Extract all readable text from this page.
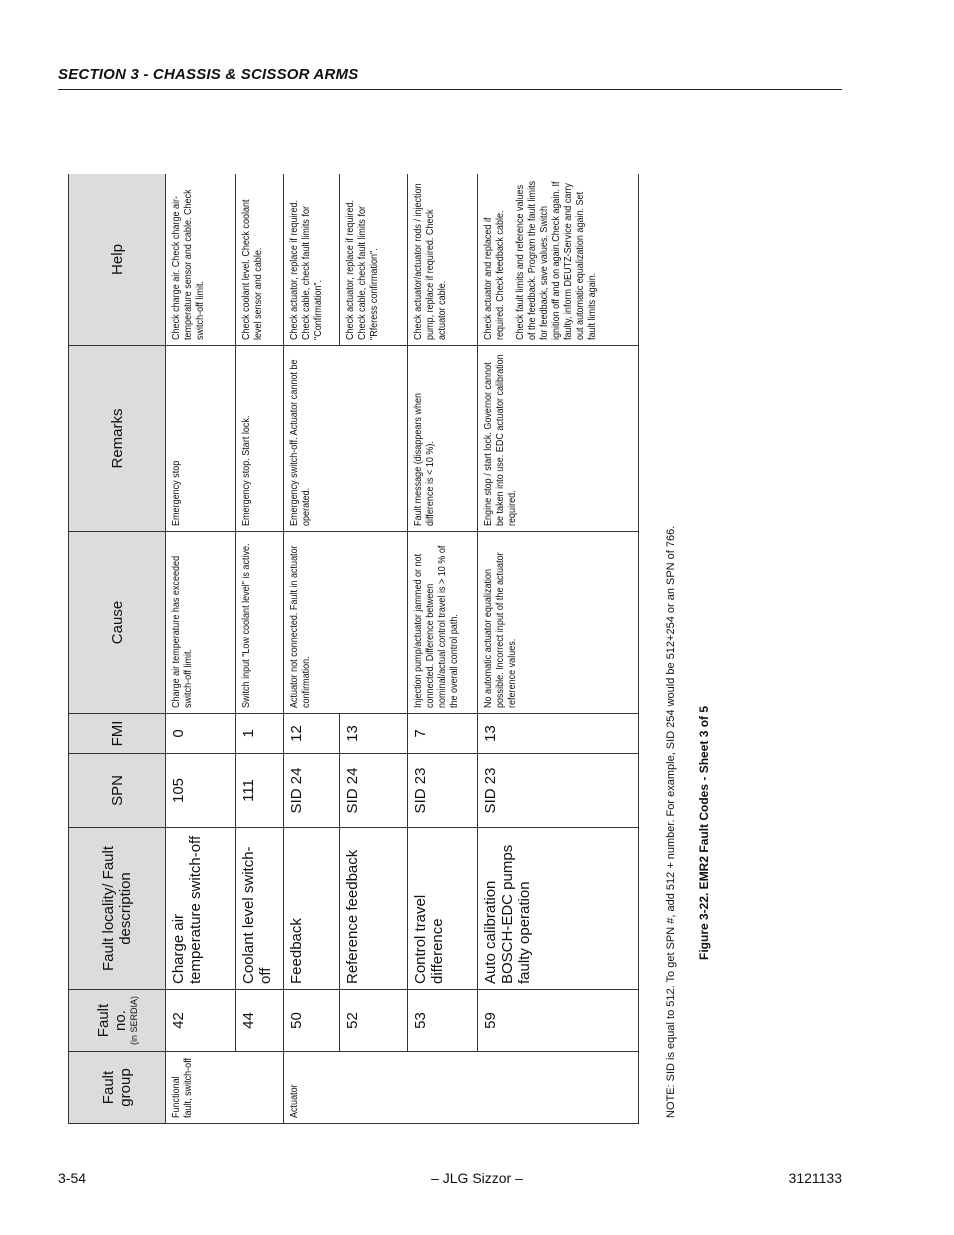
SECTION 3 - CHASSIS & SCISSOR ARMS
Fault group	Fault no. (in SERDIA)	Fault locality/ Fault description	SPN	FMI	Cause	Remarks	Help

Functional fault, switch-off	42	Charge air temperature switch-off	105	0	Charge air temperature has exceeded switch-off limit.	Emergency stop	Check charge air. Check charge air-temperature sensor and cable. Check switch-off limit.

	44	Coolant level switch-off	111	1	Switch input "Low coolant level" is active.	Emergency stop. Start lock.	Check coolant level. Check coolant level sensor and cable.

Actuator	50	Feedback	SID 24	12	Actuator not connected. Fault in actuator confirmation.	Emergency switch-off. Actuator cannot be operated.	Check actuator, replace if required. Check cable, check fault limits for "Confirmation".

	52	Reference feedback	SID 24	13			Check actuator, replace if required. Check cable, check fault limits for "Rferess confirmation".

	53	Control travel difference	SID 23	7	Injection pump/actuator jammed or not connected. Difference between nominal/actual control travel is > 10 % of the overall control path.	Fault message (disappears when difference is < 10 %).	Check actuator/actuator rods / injection pump, replace if required. Check actuator cable.

	59	Auto calibration BOSCH-EDC pumps faulty operation	SID 23	13	No automatic actuator equalization possible. Incorrect input of the actuator reference values.	Engine stop / start lock. Governor cannot be taken into use. EDC actuator calibration required.	Check actuator and replaced if required. Check feedback cable. Check fault limits and reference values of the feedback. Program the fault limits for feedback, save values. Switch ignition off and on again.Check again. If faulty, inform DEUTZ-Service and carry out automatic equalization again. Set fault limits again.
NOTE: SID is equal to 512. To get SPN #, add 512 + number. For example, SID 254 would be 512+254 or an SPN of 766. Figure 3-22. EMR2 Fault Codes - Sheet 3 of 5
3-54	– JLG Sizzor –	3121133
